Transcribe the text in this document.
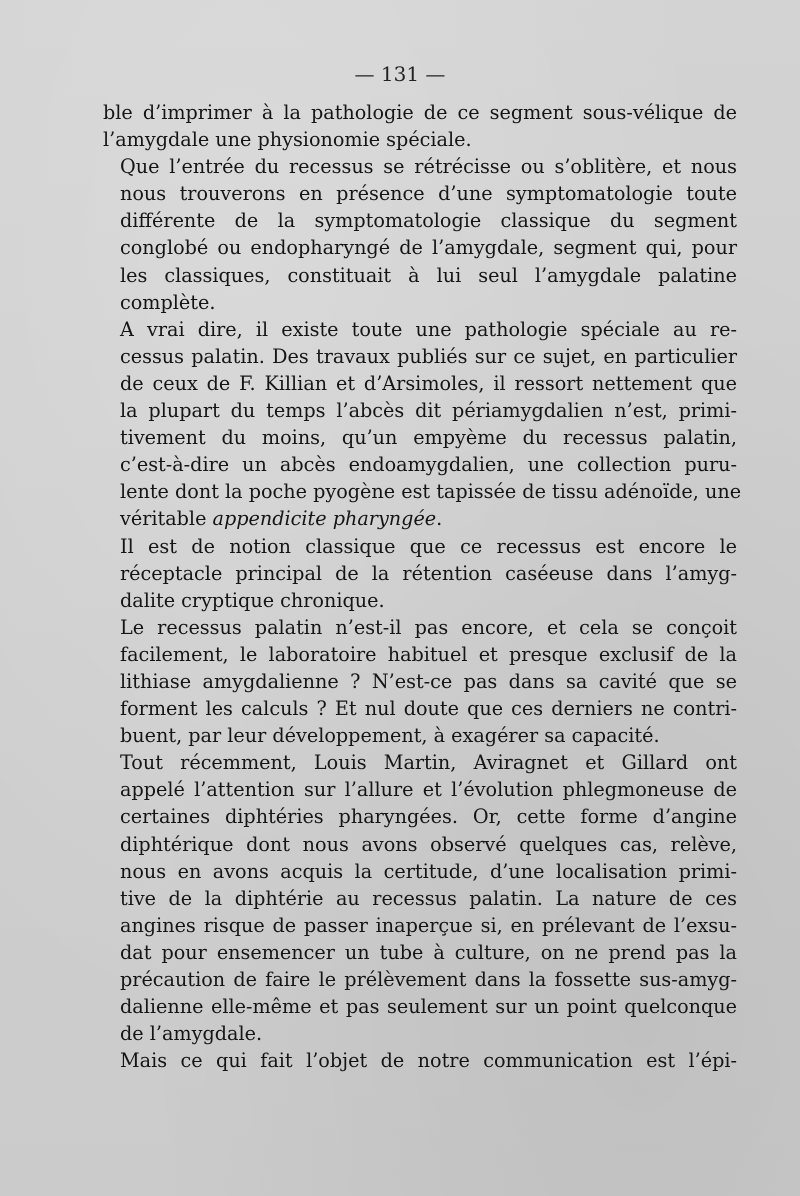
— 131 —

ble d’imprimer à la pathologie de ce segment sous-vélique de
l’amygdale une physionomie spéciale.

Que l’entrée du recessus se rétrécisse ou s’oblitère, et nous
nous trouverons en présence d’une symptomatologie toute
différente de la symptomatologie classique du segment
conglobé ou endopharyngé de l’amygdale, segment qui, pour
les classiques, constituait à lui seul l’amygdale palatine
complète.

A vrai dire, il existe toute une pathologie spéciale au re-
cessus palatin. Des travaux publiés sur ce sujet, en particulier
de ceux de F. Killian et d’Arsimoles, il ressort nettement que
la plupart du temps l’abcès dit périamygdalien n’est, primi-
tivement du moins, qu’un empyème du recessus palatin,
c’est-à-dire un abcès endoamygdalien, une collection puru-
lente dont la poche pyogène est tapissée de tissu adénoïde, une
véritable appendicite pharyngée.

Il est de notion classique que ce recessus est encore le
réceptacle principal de la rétention caséeuse dans l’amyg-
dalite cryptique chronique.

Le recessus palatin n’est-il pas encore, et cela se conçoit
facilement, le laboratoire habituel et presque exclusif de la
lithiase amygdalienne ? N’est-ce pas dans sa cavité que se
forment les calculs ? Et nul doute que ces derniers ne contri-
buent, par leur développement, à exagérer sa capacité.

Tout récemment, Louis Martin, Aviragnet et Gillard ont
appelé l’attention sur l’allure et l’évolution phlegmoneuse de
certaines diphtéries pharyngées. Or, cette forme d’angine
diphtérique dont nous avons observé quelques cas, relève,
nous en avons acquis la certitude, d’une localisation primi-
tive de la diphtérie au recessus palatin. La nature de ces
angines risque de passer inaperçue si, en prélevant de l’exsu-
dat pour ensemencer un tube à culture, on ne prend pas la
précaution de faire le prélèvement dans la fossette sus-amyg-
dalienne elle-même et pas seulement sur un point quelconque
de l’amygdale.

Mais ce qui fait l’objet de notre communication est l’épi-
